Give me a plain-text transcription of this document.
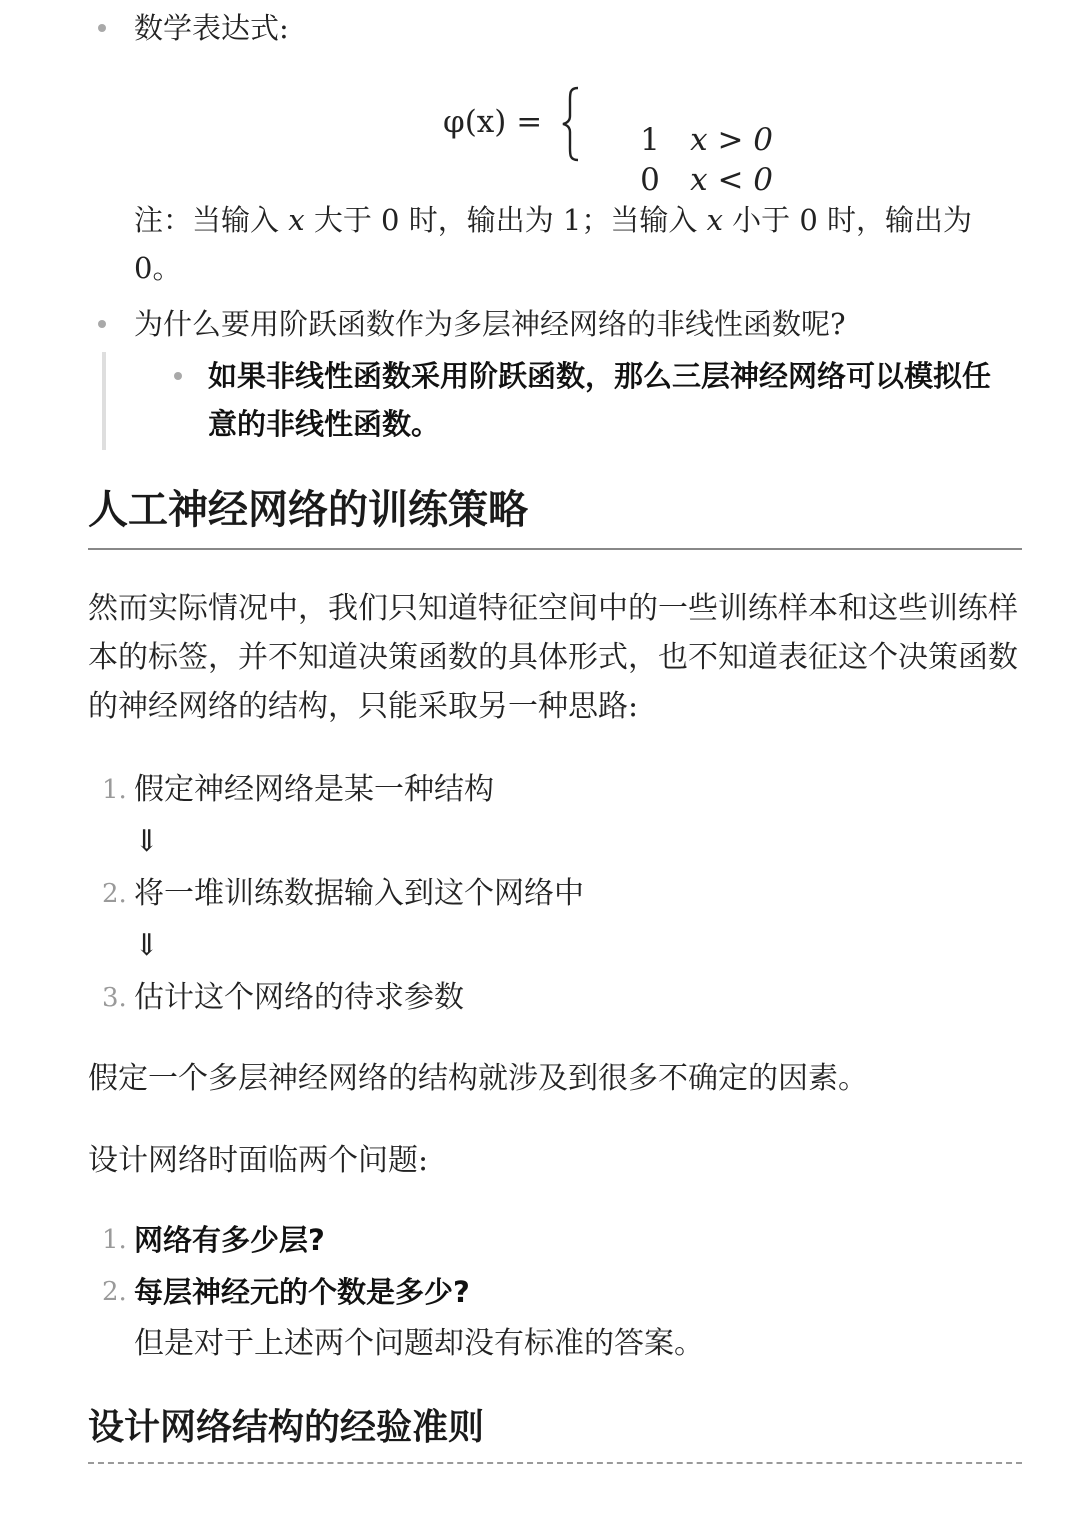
数学表达式:
φ(x) =	1 x > 0

0 x < 0

注：当输入 x 大于 0 时，输出为 1；当输入 x 小于 0 时，输出为 0。
为什么要用阶跃函数作为多层神经网络的非线性函数呢?
如果非线性函数采用阶跃函数，那么三层神经网络可以模拟任意的非线性函数。
人工神经网络的训练策略
然而实际情况中，我们只知道特征空间中的一些训练样本和这些训练样本的标签，并不知道决策函数的具体形式，也不知道表征这个决策函数的神经网络的结构，只能采取另一种思路:
1. 假定神经网络是某一种结构
⇓
2. 将一堆训练数据输入到这个网络中
⇓
3. 估计这个网络的待求参数
假定一个多层神经网络的结构就涉及到很多不确定的因素。
设计网络时面临两个问题:
1. 网络有多少层?
2. 每层神经元的个数是多少?
但是对于上述两个问题却没有标准的答案。
设计网络结构的经验准则
